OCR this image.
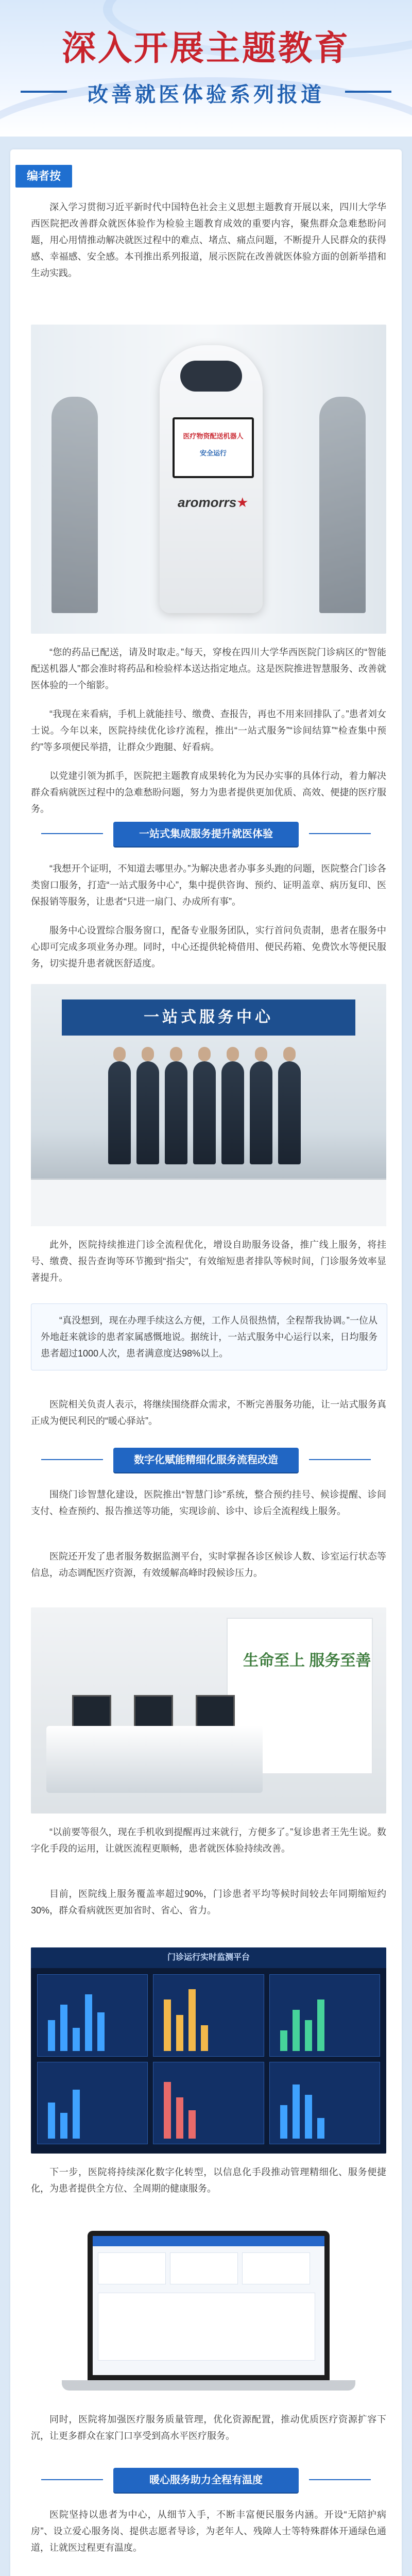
深入开展主题教育
改善就医体验系列报道
编者按
深入学习贯彻习近平新时代中国特色社会主义思想主题教育开展以来，四川大学华西医院把改善群众就医体验作为检验主题教育成效的重要内容，聚焦群众急难愁盼问题，用心用情推动解决就医过程中的难点、堵点、痛点问题，不断提升人民群众的获得感、幸福感、安全感。本刊推出系列报道，展示医院在改善就医体验方面的创新举措和生动实践。
医疗物资配送机器人
安全运行
aromorrs★
“您的药品已配送，请及时取走。”每天，穿梭在四川大学华西医院门诊病区的“智能配送机器人”都会准时将药品和检验样本送达指定地点。这是医院推进智慧服务、改善就医体验的一个缩影。
“我现在来看病，手机上就能挂号、缴费、查报告，再也不用来回排队了。”患者刘女士说。今年以来，医院持续优化诊疗流程，推出“一站式服务”“诊间结算”“检查集中预约”等多项便民举措，让群众少跑腿、好看病。
以党建引领为抓手，医院把主题教育成果转化为为民办实事的具体行动，着力解决群众看病就医过程中的急难愁盼问题，努力为患者提供更加优质、高效、便捷的医疗服务。
一站式集成服务提升就医体验
“我想开个证明，不知道去哪里办。”为解决患者办事多头跑的问题，医院整合门诊各类窗口服务，打造“一站式服务中心”，集中提供咨询、预约、证明盖章、病历复印、医保报销等服务，让患者“只进一扇门、办成所有事”。
服务中心设置综合服务窗口，配备专业服务团队，实行首问负责制，患者在服务中心即可完成多项业务办理。同时，中心还提供轮椅借用、便民药箱、免费饮水等便民服务，切实提升患者就医舒适度。
一站式服务中心
此外，医院持续推进门诊全流程优化，增设自助服务设备，推广线上服务，将挂号、缴费、报告查询等环节搬到“指尖”，有效缩短患者排队等候时间，门诊服务效率显著提升。
“真没想到，现在办理手续这么方便，工作人员很热情，全程帮我协调。”一位从外地赶来就诊的患者家属感慨地说。据统计，一站式服务中心运行以来，日均服务患者超过1000人次，患者满意度达98%以上。
医院相关负责人表示，将继续围绕群众需求，不断完善服务功能，让一站式服务真正成为便民利民的“暖心驿站”。
数字化赋能精细化服务流程改造
围绕门诊智慧化建设，医院推出“智慧门诊”系统，整合预约挂号、候诊提醒、诊间支付、检查预约、报告推送等功能，实现诊前、诊中、诊后全流程线上服务。
医院还开发了患者服务数据监测平台，实时掌握各诊区候诊人数、诊室运行状态等信息，动态调配医疗资源，有效缓解高峰时段候诊压力。
生命至上 服务至善
“以前要等很久，现在手机收到提醒再过来就行，方便多了。”复诊患者王先生说。数字化手段的运用，让就医流程更顺畅，患者就医体验持续改善。
目前，医院线上服务覆盖率超过90%，门诊患者平均等候时间较去年同期缩短约30%，群众看病就医更加省时、省心、省力。
门诊运行实时监测平台
下一步，医院将持续深化数字化转型，以信息化手段推动管理精细化、服务便捷化，为患者提供全方位、全周期的健康服务。
同时，医院将加强医疗服务质量管理，优化资源配置，推动优质医疗资源扩容下沉，让更多群众在家门口享受到高水平医疗服务。
暖心服务助力全程有温度
医院坚持以患者为中心，从细节入手，不断丰富便民服务内涵。开设“无陪护病房”、设立爱心服务岗、提供志愿者导诊，为老年人、残障人士等特殊群体开通绿色通道，让就医过程更有温度。
